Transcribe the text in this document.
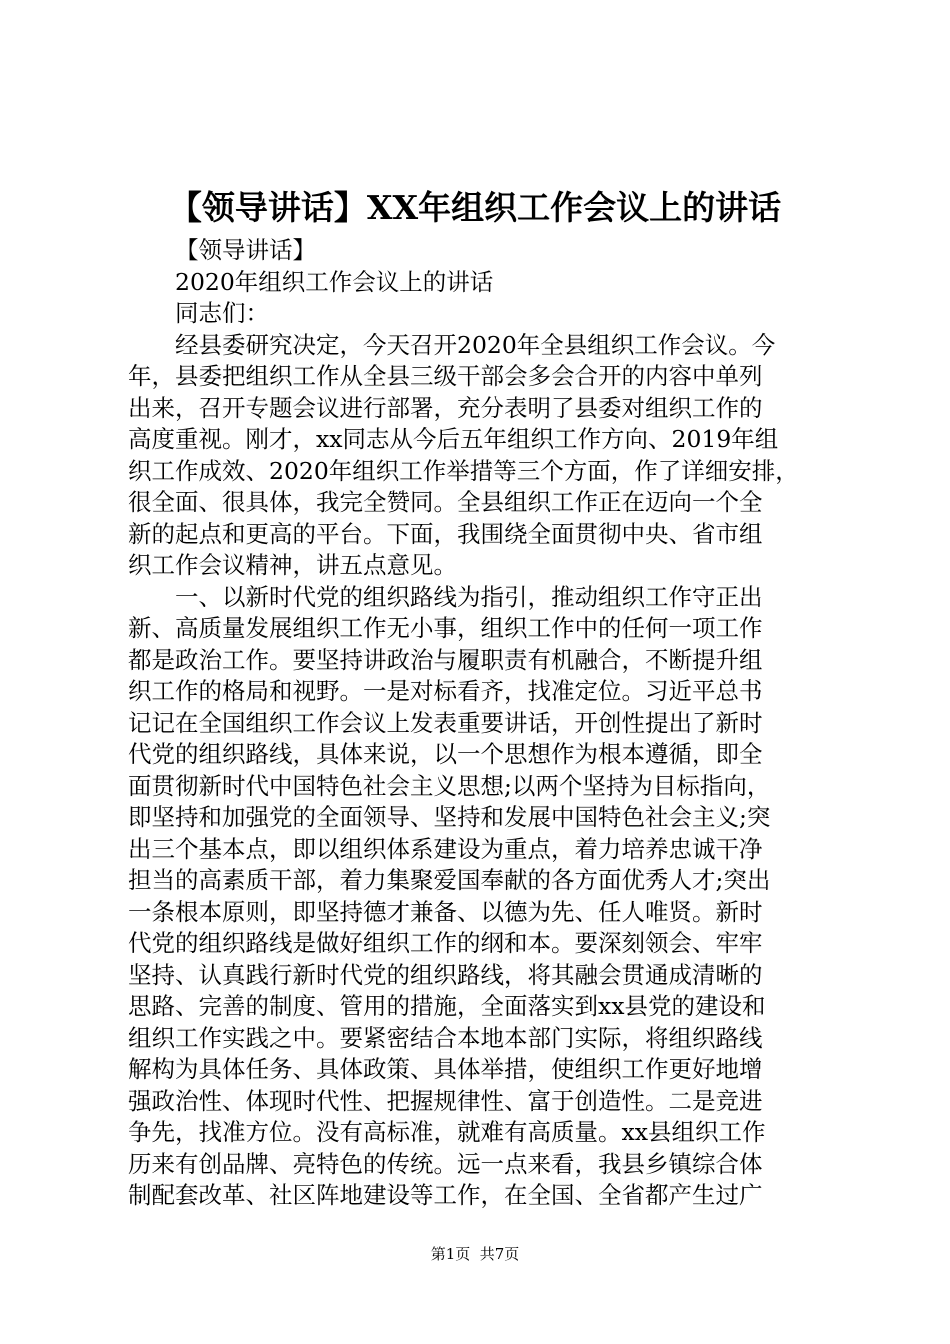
【领导讲话】XX年组织工作会议上的讲话
【领导讲话】
2020年组织工作会议上的讲话
同志们：
经县委研究决定，今天召开2020年全县组织工作会议。今
年，县委把组织工作从全县三级干部会多会合开的内容中单列
出来，召开专题会议进行部署，充分表明了县委对组织工作的
高度重视。刚才，xx同志从今后五年组织工作方向、2019年组
织工作成效、2020年组织工作举措等三个方面，作了详细安排，
很全面、很具体，我完全赞同。全县组织工作正在迈向一个全
新的起点和更高的平台。下面，我围绕全面贯彻中央、省市组
织工作会议精神，讲五点意见。
一、以新时代党的组织路线为指引，推动组织工作守正出
新、高质量发展组织工作无小事，组织工作中的任何一项工作
都是政治工作。要坚持讲政治与履职责有机融合，不断提升组
织工作的格局和视野。一是对标看齐，找准定位。习近平总书
记记在全国组织工作会议上发表重要讲话，开创性提出了新时
代党的组织路线，具体来说，以一个思想作为根本遵循，即全
面贯彻新时代中国特色社会主义思想;以两个坚持为目标指向，
即坚持和加强党的全面领导、坚持和发展中国特色社会主义;突
出三个基本点，即以组织体系建设为重点，着力培养忠诚干净
担当的高素质干部，着力集聚爱国奉献的各方面优秀人才;突出
一条根本原则，即坚持德才兼备、以德为先、任人唯贤。新时
代党的组织路线是做好组织工作的纲和本。要深刻领会、牢牢
坚持、认真践行新时代党的组织路线，将其融会贯通成清晰的
思路、完善的制度、管用的措施，全面落实到xx县党的建设和
组织工作实践之中。要紧密结合本地本部门实际，将组织路线
解构为具体任务、具体政策、具体举措，使组织工作更好地增
强政治性、体现时代性、把握规律性、富于创造性。二是竞进
争先，找准方位。没有高标准，就难有高质量。xx县组织工作
历来有创品牌、亮特色的传统。远一点来看，我县乡镇综合体
制配套改革、社区阵地建设等工作，在全国、全省都产生过广
第1页  共7页
